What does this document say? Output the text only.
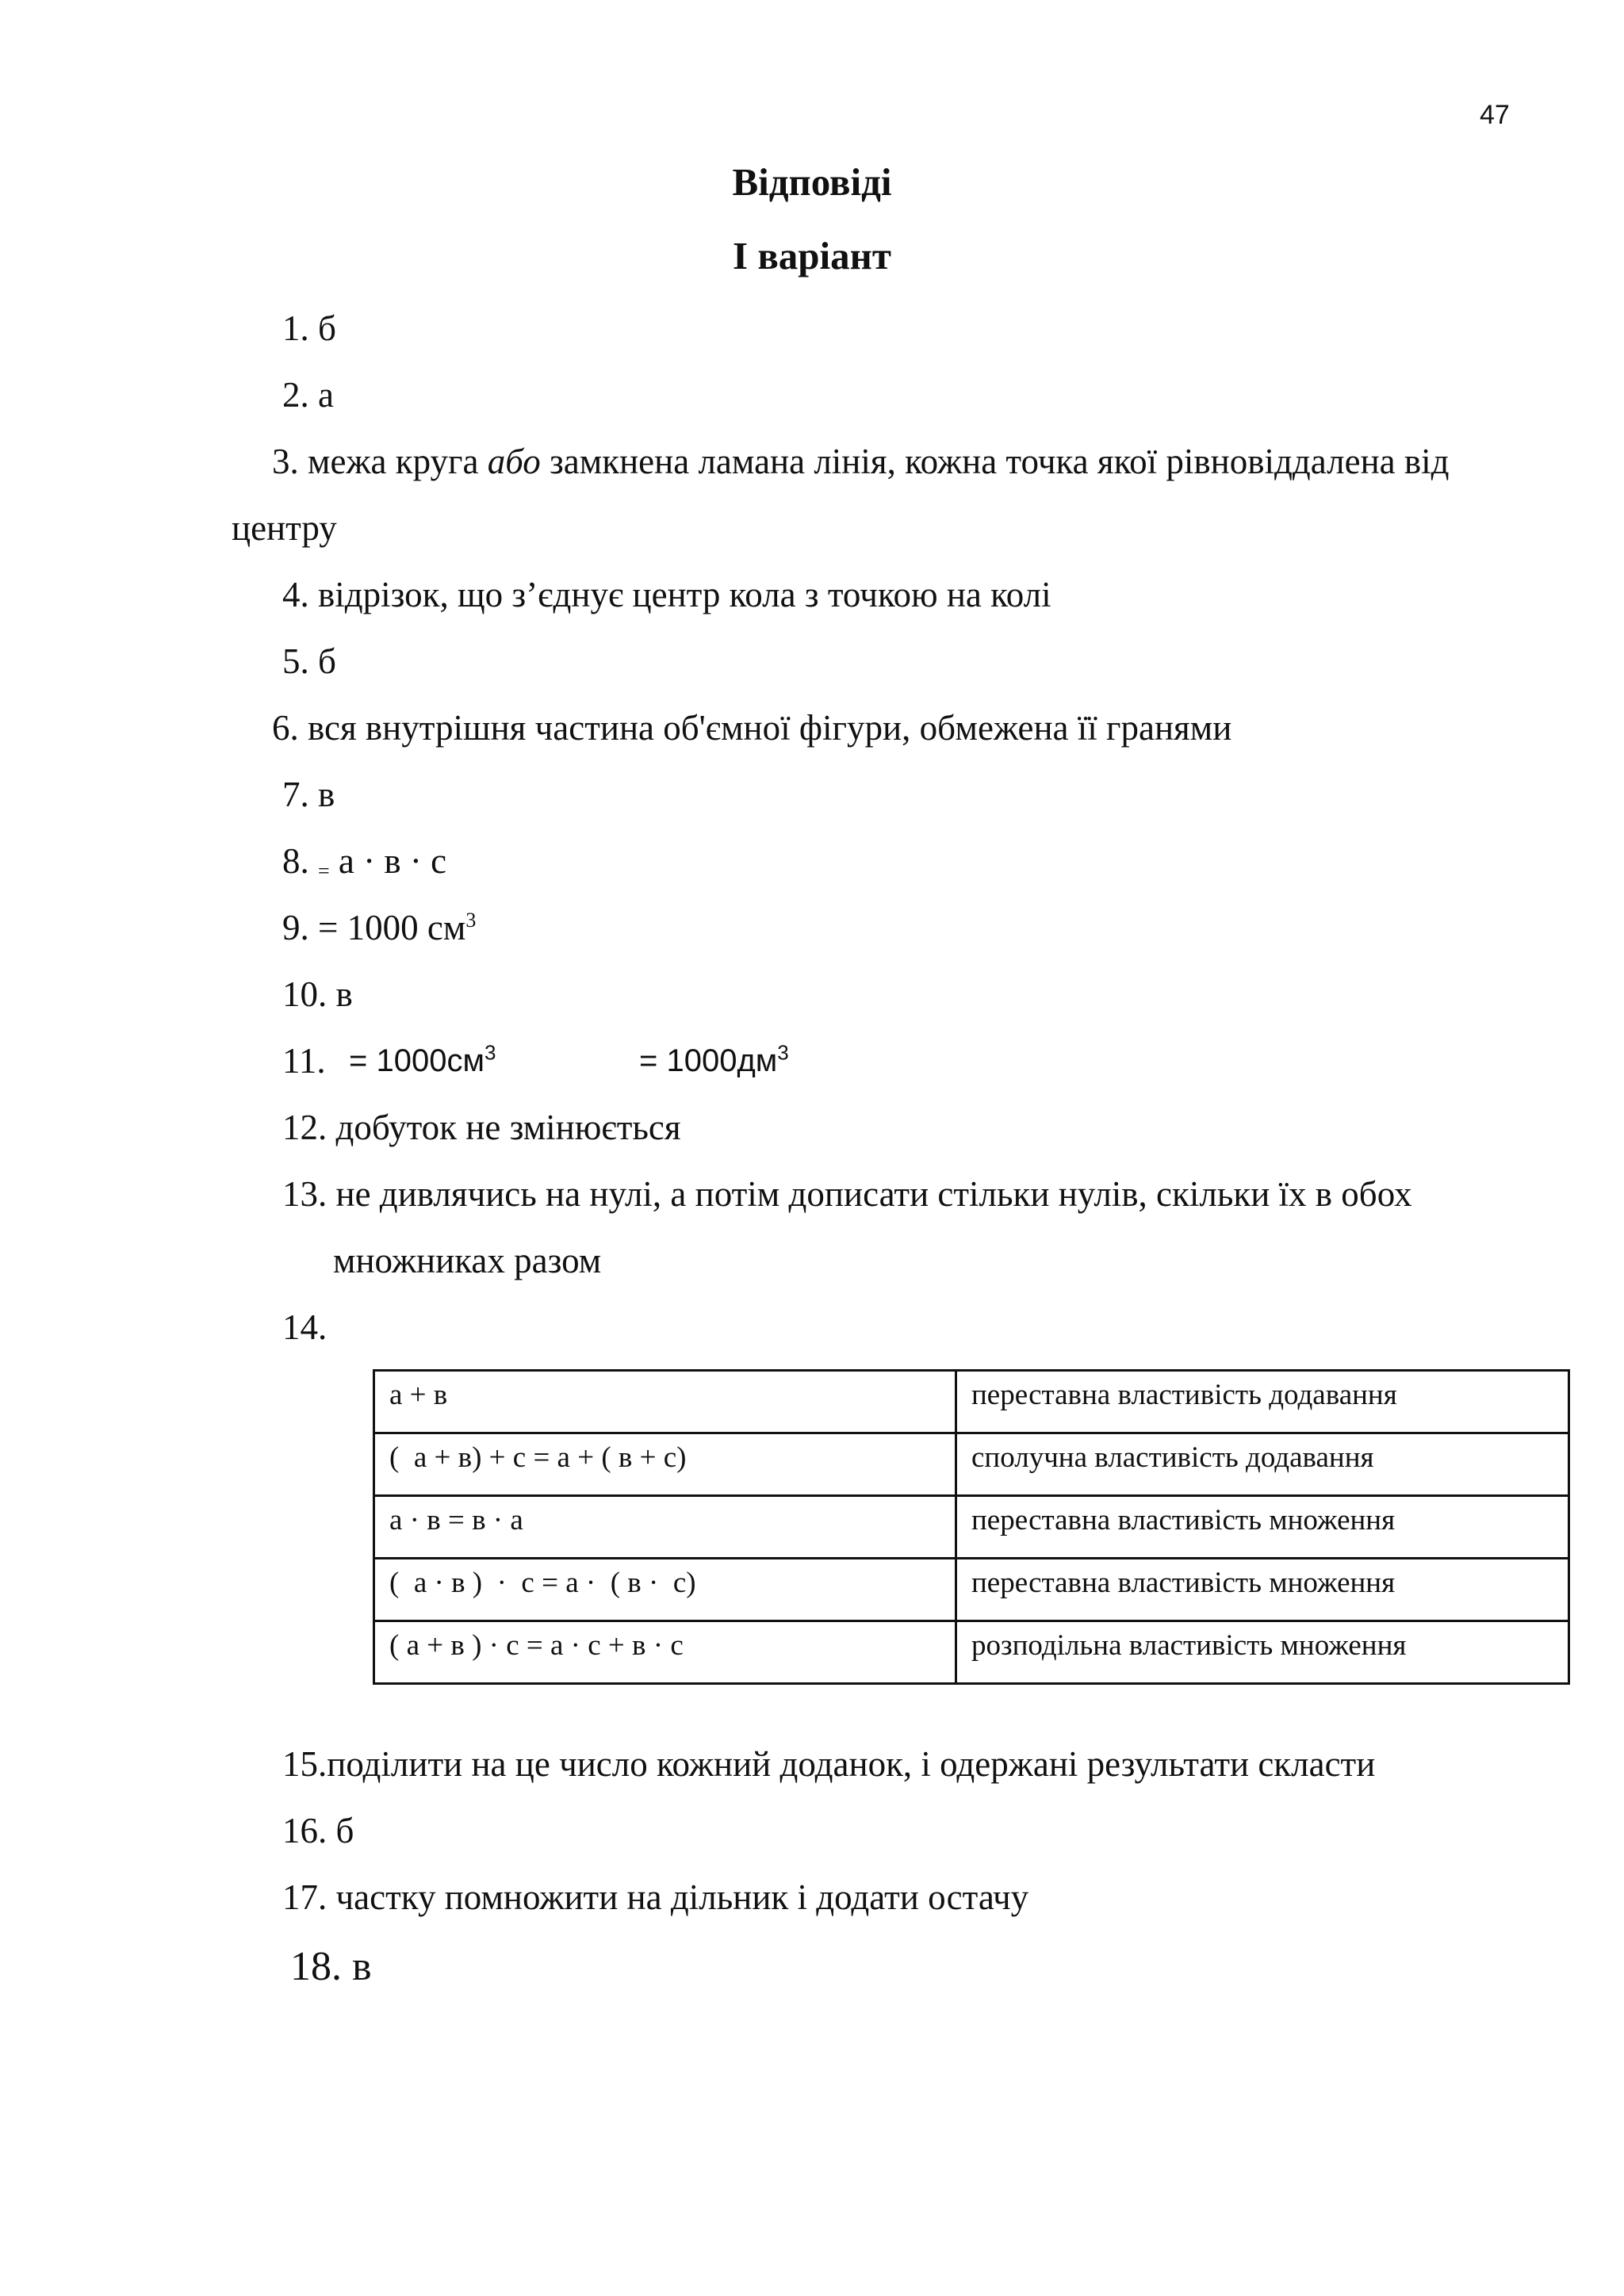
47
Відповіді
І варіант
1. б
2. а
3. межа круга або замкнена ламана лінія, кожна точка якої рівновіддалена від
центру
4. відрізок, що з’єднує центр кола з точкою на колі
5. б
6. вся внутрішня частина об'ємної фігури, обмежена її гранями
7. в
8. = а · в · с
9. = 1000 $см^3$
10. в
11. = $1000см^3$	= $1000дм^3$
12. добуток не змінюється
13. не дивлячись на нулі, а потім дописати стільки нулів, скільки їх в обох
множниках разом
14.
а + в	переставна властивість додавання
(  а + в) + с = а + ( в + с)	сполучна властивість додавання
а · в = в · а	переставна властивість множення
(  а · в )  ·  с = а ·  ( в ·  с)	переставна властивість множення
( а + в ) · с = а · с + в · с	розподільна властивість множення
15.поділити на це число кожний доданок, і одержані результати скласти
16. б
17. частку помножити на дільник і додати остачу
18. в
